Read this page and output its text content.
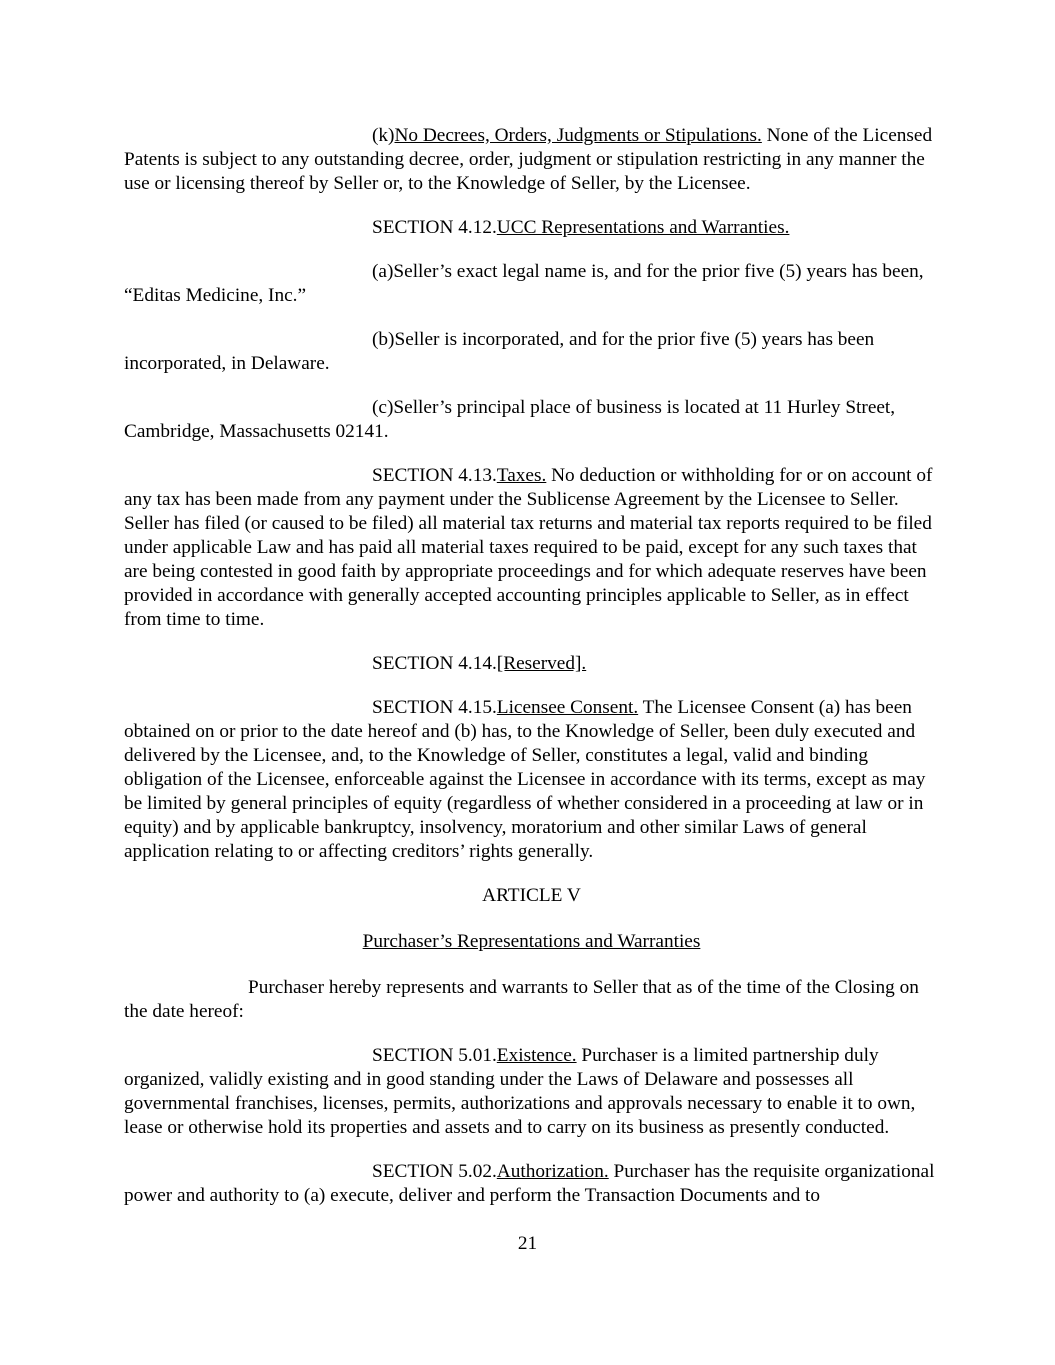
(k)No Decrees, Orders, Judgments or Stipulations. None of the Licensed Patents is subject to any outstanding decree, order, judgment or stipulation restricting in any manner the use or licensing thereof by Seller or, to the Knowledge of Seller, by the Licensee.

SECTION 4.12.UCC Representations and Warranties.

(a)Seller’s exact legal name is, and for the prior five (5) years has been, “Editas Medicine, Inc.”

(b)Seller is incorporated, and for the prior five (5) years has been incorporated, in Delaware.

(c)Seller’s principal place of business is located at 11 Hurley Street, Cambridge, Massachusetts 02141.

SECTION 4.13.Taxes. No deduction or withholding for or on account of any tax has been made from any payment under the Sublicense Agreement by the Licensee to Seller. Seller has filed (or caused to be filed) all material tax returns and material tax reports required to be filed under applicable Law and has paid all material taxes required to be paid, except for any such taxes that are being contested in good faith by appropriate proceedings and for which adequate reserves have been provided in accordance with generally accepted accounting principles applicable to Seller, as in effect from time to time.

SECTION 4.14.[Reserved].

SECTION 4.15.Licensee Consent. The Licensee Consent (a) has been obtained on or prior to the date hereof and (b) has, to the Knowledge of Seller, been duly executed and delivered by the Licensee, and, to the Knowledge of Seller, constitutes a legal, valid and binding obligation of the Licensee, enforceable against the Licensee in accordance with its terms, except as may be limited by general principles of equity (regardless of whether considered in a proceeding at law or in equity) and by applicable bankruptcy, insolvency, moratorium and other similar Laws of general application relating to or affecting creditors’ rights generally.

ARTICLE V

Purchaser’s Representations and Warranties

Purchaser hereby represents and warrants to Seller that as of the time of the Closing on the date hereof:

SECTION 5.01.Existence. Purchaser is a limited partnership duly organized, validly existing and in good standing under the Laws of Delaware and possesses all governmental franchises, licenses, permits, authorizations and approvals necessary to enable it to own, lease or otherwise hold its properties and assets and to carry on its business as presently conducted.

SECTION 5.02.Authorization. Purchaser has the requisite organizational power and authority to (a) execute, deliver and perform the Transaction Documents and to

21
